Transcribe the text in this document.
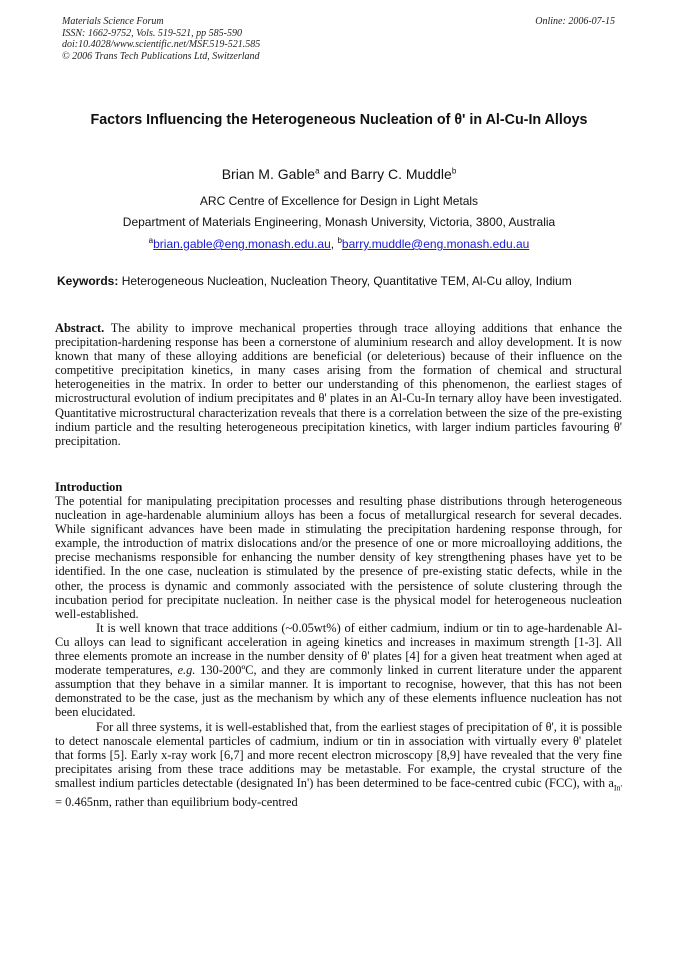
Materials Science Forum
ISSN: 1662-9752, Vols. 519-521, pp 585-590
doi:10.4028/www.scientific.net/MSF.519-521.585
© 2006 Trans Tech Publications Ltd, Switzerland
Online: 2006-07-15
Factors Influencing the Heterogeneous Nucleation of θ' in Al-Cu-In Alloys
Brian M. Gable$^a$ and Barry C. Muddle$^b$
ARC Centre of Excellence for Design in Light Metals
Department of Materials Engineering, Monash University, Victoria, 3800, Australia
$^a$brian.gable@eng.monash.edu.au, $^b$barry.muddle@eng.monash.edu.au
Keywords: Heterogeneous Nucleation, Nucleation Theory, Quantitative TEM, Al-Cu alloy, Indium

Abstract. The ability to improve mechanical properties through trace alloying additions that enhance the precipitation-hardening response has been a cornerstone of aluminium research and alloy development. It is now known that many of these alloying additions are beneficial (or deleterious) because of their influence on the competitive precipitation kinetics, in many cases arising from the formation of chemical and structural heterogeneities in the matrix. In order to better our understanding of this phenomenon, the earliest stages of microstructural evolution of indium precipitates and θ' plates in an Al-Cu-In ternary alloy have been investigated. Quantitative microstructural characterization reveals that there is a correlation between the size of the pre-existing indium particle and the resulting heterogeneous precipitation kinetics, with larger indium particles favouring θ' precipitation.

Introduction

The potential for manipulating precipitation processes and resulting phase distributions through heterogeneous nucleation in age-hardenable aluminium alloys has been a focus of metallurgical research for several decades. While significant advances have been made in stimulating the precipitation hardening response through, for example, the introduction of matrix dislocations and/or the presence of one or more microalloying additions, the precise mechanisms responsible for enhancing the number density of key strengthening phases have yet to be identified. In the one case, nucleation is stimulated by the presence of pre-existing static defects, while in the other, the process is dynamic and commonly associated with the persistence of solute clustering through the incubation period for precipitate nucleation. In neither case is the physical model for heterogeneous nucleation well-established.

It is well known that trace additions (~0.05wt%) of either cadmium, indium or tin to age-hardenable Al-Cu alloys can lead to significant acceleration in ageing kinetics and increases in maximum strength [1-3]. All three elements promote an increase in the number density of θ' plates [4] for a given heat treatment when aged at moderate temperatures, e.g. 130-200ºC, and they are commonly linked in current literature under the apparent assumption that they behave in a similar manner. It is important to recognise, however, that this has not been demonstrated to be the case, just as the mechanism by which any of these elements influence nucleation has not been elucidated.

For all three systems, it is well-established that, from the earliest stages of precipitation of θ', it is possible to detect nanoscale elemental particles of cadmium, indium or tin in association with virtually every θ' platelet that forms [5]. Early x-ray work [6,7] and more recent electron microscopy [8,9] have revealed that the very fine precipitates arising from these trace additions may be metastable. For example, the crystal structure of the smallest indium particles detectable (designated In') has been determined to be face-centred cubic (FCC), with $a_{In'} = 0.465nm$, rather than equilibrium body-centred
